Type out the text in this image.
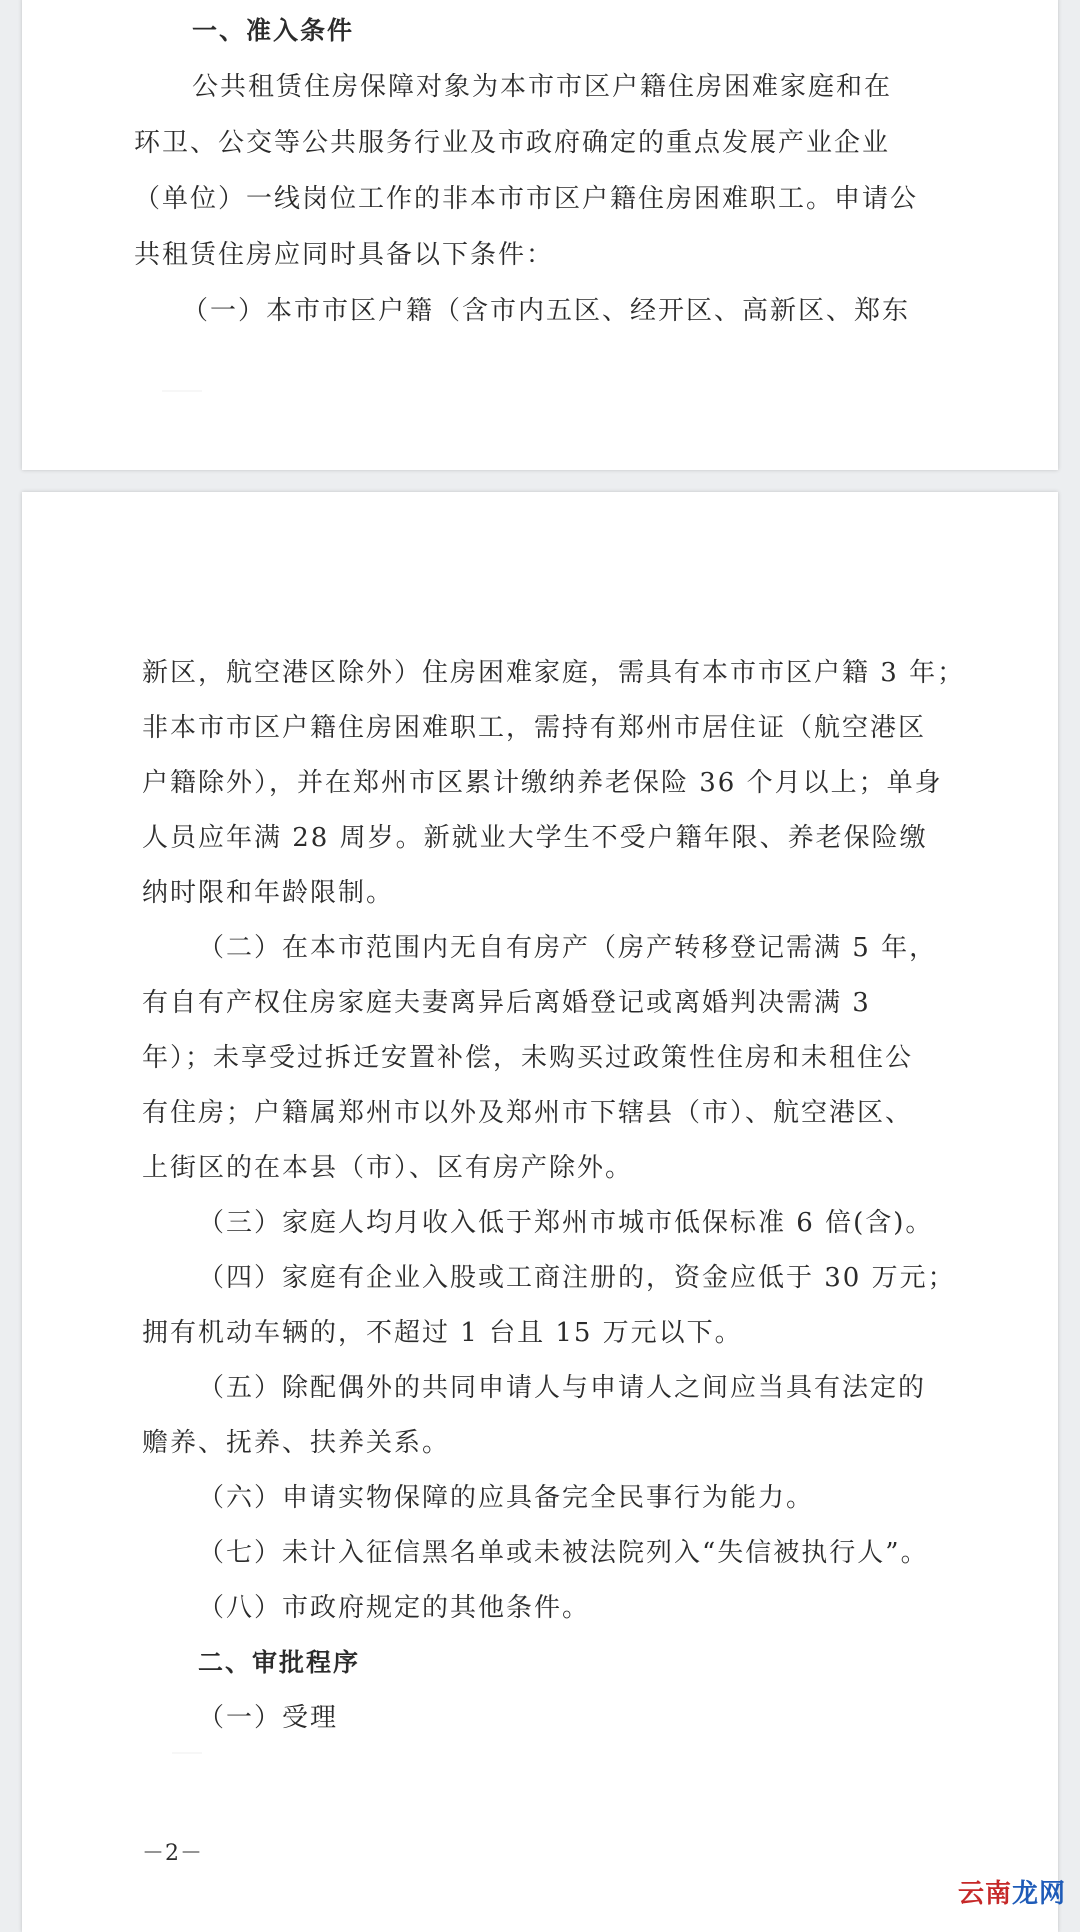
一、准入条件
公共租赁住房保障对象为本市市区户籍住房困难家庭和在
环卫、公交等公共服务行业及市政府确定的重点发展产业企业
（单位）一线岗位工作的非本市市区户籍住房困难职工。申请公
共租赁住房应同时具备以下条件：
（一）本市市区户籍（含市内五区、经开区、高新区、郑东
新区，航空港区除外）住房困难家庭，需具有本市市区户籍 3 年；
非本市市区户籍住房困难职工，需持有郑州市居住证（航空港区
户籍除外），并在郑州市区累计缴纳养老保险 36 个月以上；单身
人员应年满 28 周岁。新就业大学生不受户籍年限、养老保险缴
纳时限和年龄限制。
（二）在本市范围内无自有房产（房产转移登记需满 5 年，
有自有产权住房家庭夫妻离异后离婚登记或离婚判决需满 3
年）；未享受过拆迁安置补偿，未购买过政策性住房和未租住公
有住房；户籍属郑州市以外及郑州市下辖县（市）、航空港区、
上街区的在本县（市）、区有房产除外。
（三）家庭人均月收入低于郑州市城市低保标准 6 倍(含)。
（四）家庭有企业入股或工商注册的，资金应低于 30 万元；
拥有机动车辆的，不超过 1 台且 15 万元以下。
（五）除配偶外的共同申请人与申请人之间应当具有法定的
赡养、抚养、扶养关系。
（六）申请实物保障的应具备完全民事行为能力。
（七）未计入征信黑名单或未被法院列入“失信被执行人”。
（八）市政府规定的其他条件。
二、审批程序
（一）受理
－2－
云南龙网
